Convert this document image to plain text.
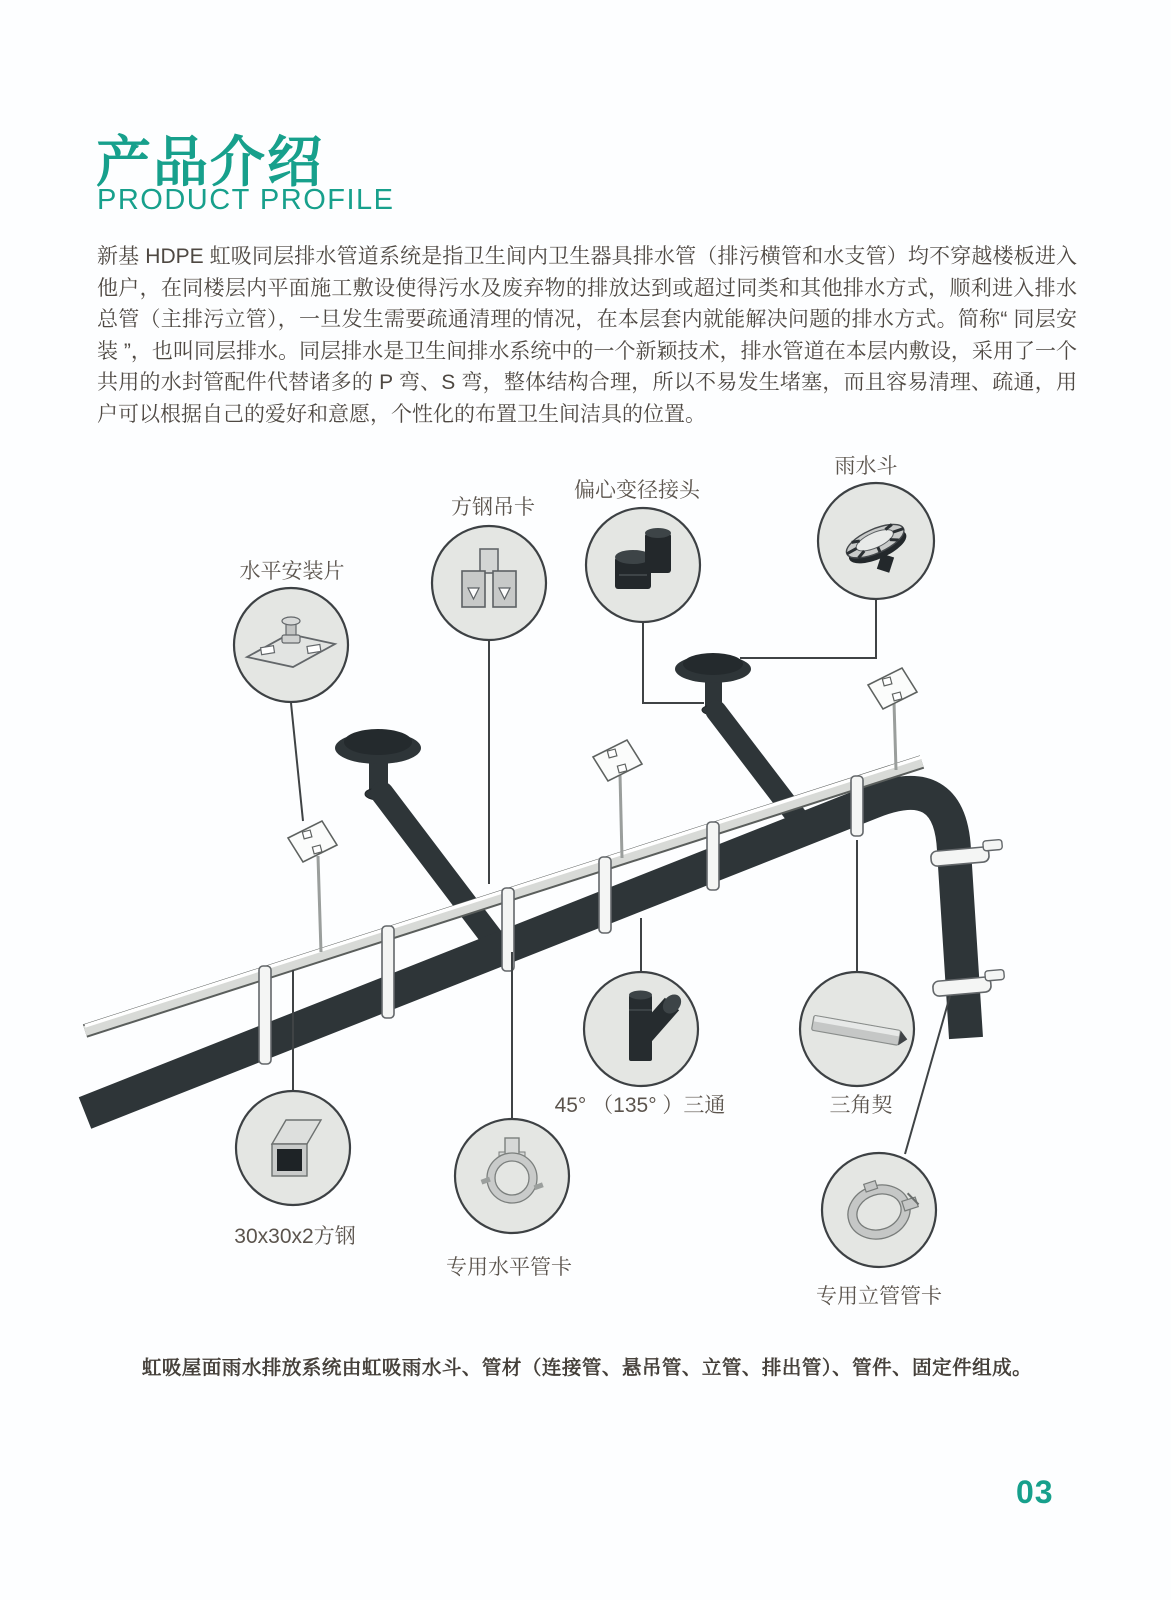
产品介绍
PRODUCT PROFILE
新基 HDPE 虹吸同层排水管道系统是指卫生间内卫生器具排水管（排污横管和水支管）均不穿越楼板进入他户，在同楼层内平面施工敷设使得污水及废弃物的排放达到或超过同类和其他排水方式，顺利进入排水总管（主排污立管），一旦发生需要疏通清理的情况，在本层套内就能解决问题的排水方式。简称“ 同层安装 ”，也叫同层排水。同层排水是卫生间排水系统中的一个新颖技术，排水管道在本层内敷设，采用了一个共用的水封管配件代替诸多的 P 弯、S 弯，整体结构合理，所以不易发生堵塞，而且容易清理、疏通，用户可以根据自己的爱好和意愿，个性化的布置卫生间洁具的位置。
水平安装片
方钢吊卡
偏心变径接头
雨水斗
45° （135° ）三通	三角契
30x30x2方钢
专用水平管卡
专用立管管卡
虹吸屋面雨水排放系统由虹吸雨水斗、管材（连接管、悬吊管、立管、排出管）、管件、固定件组成。
03
